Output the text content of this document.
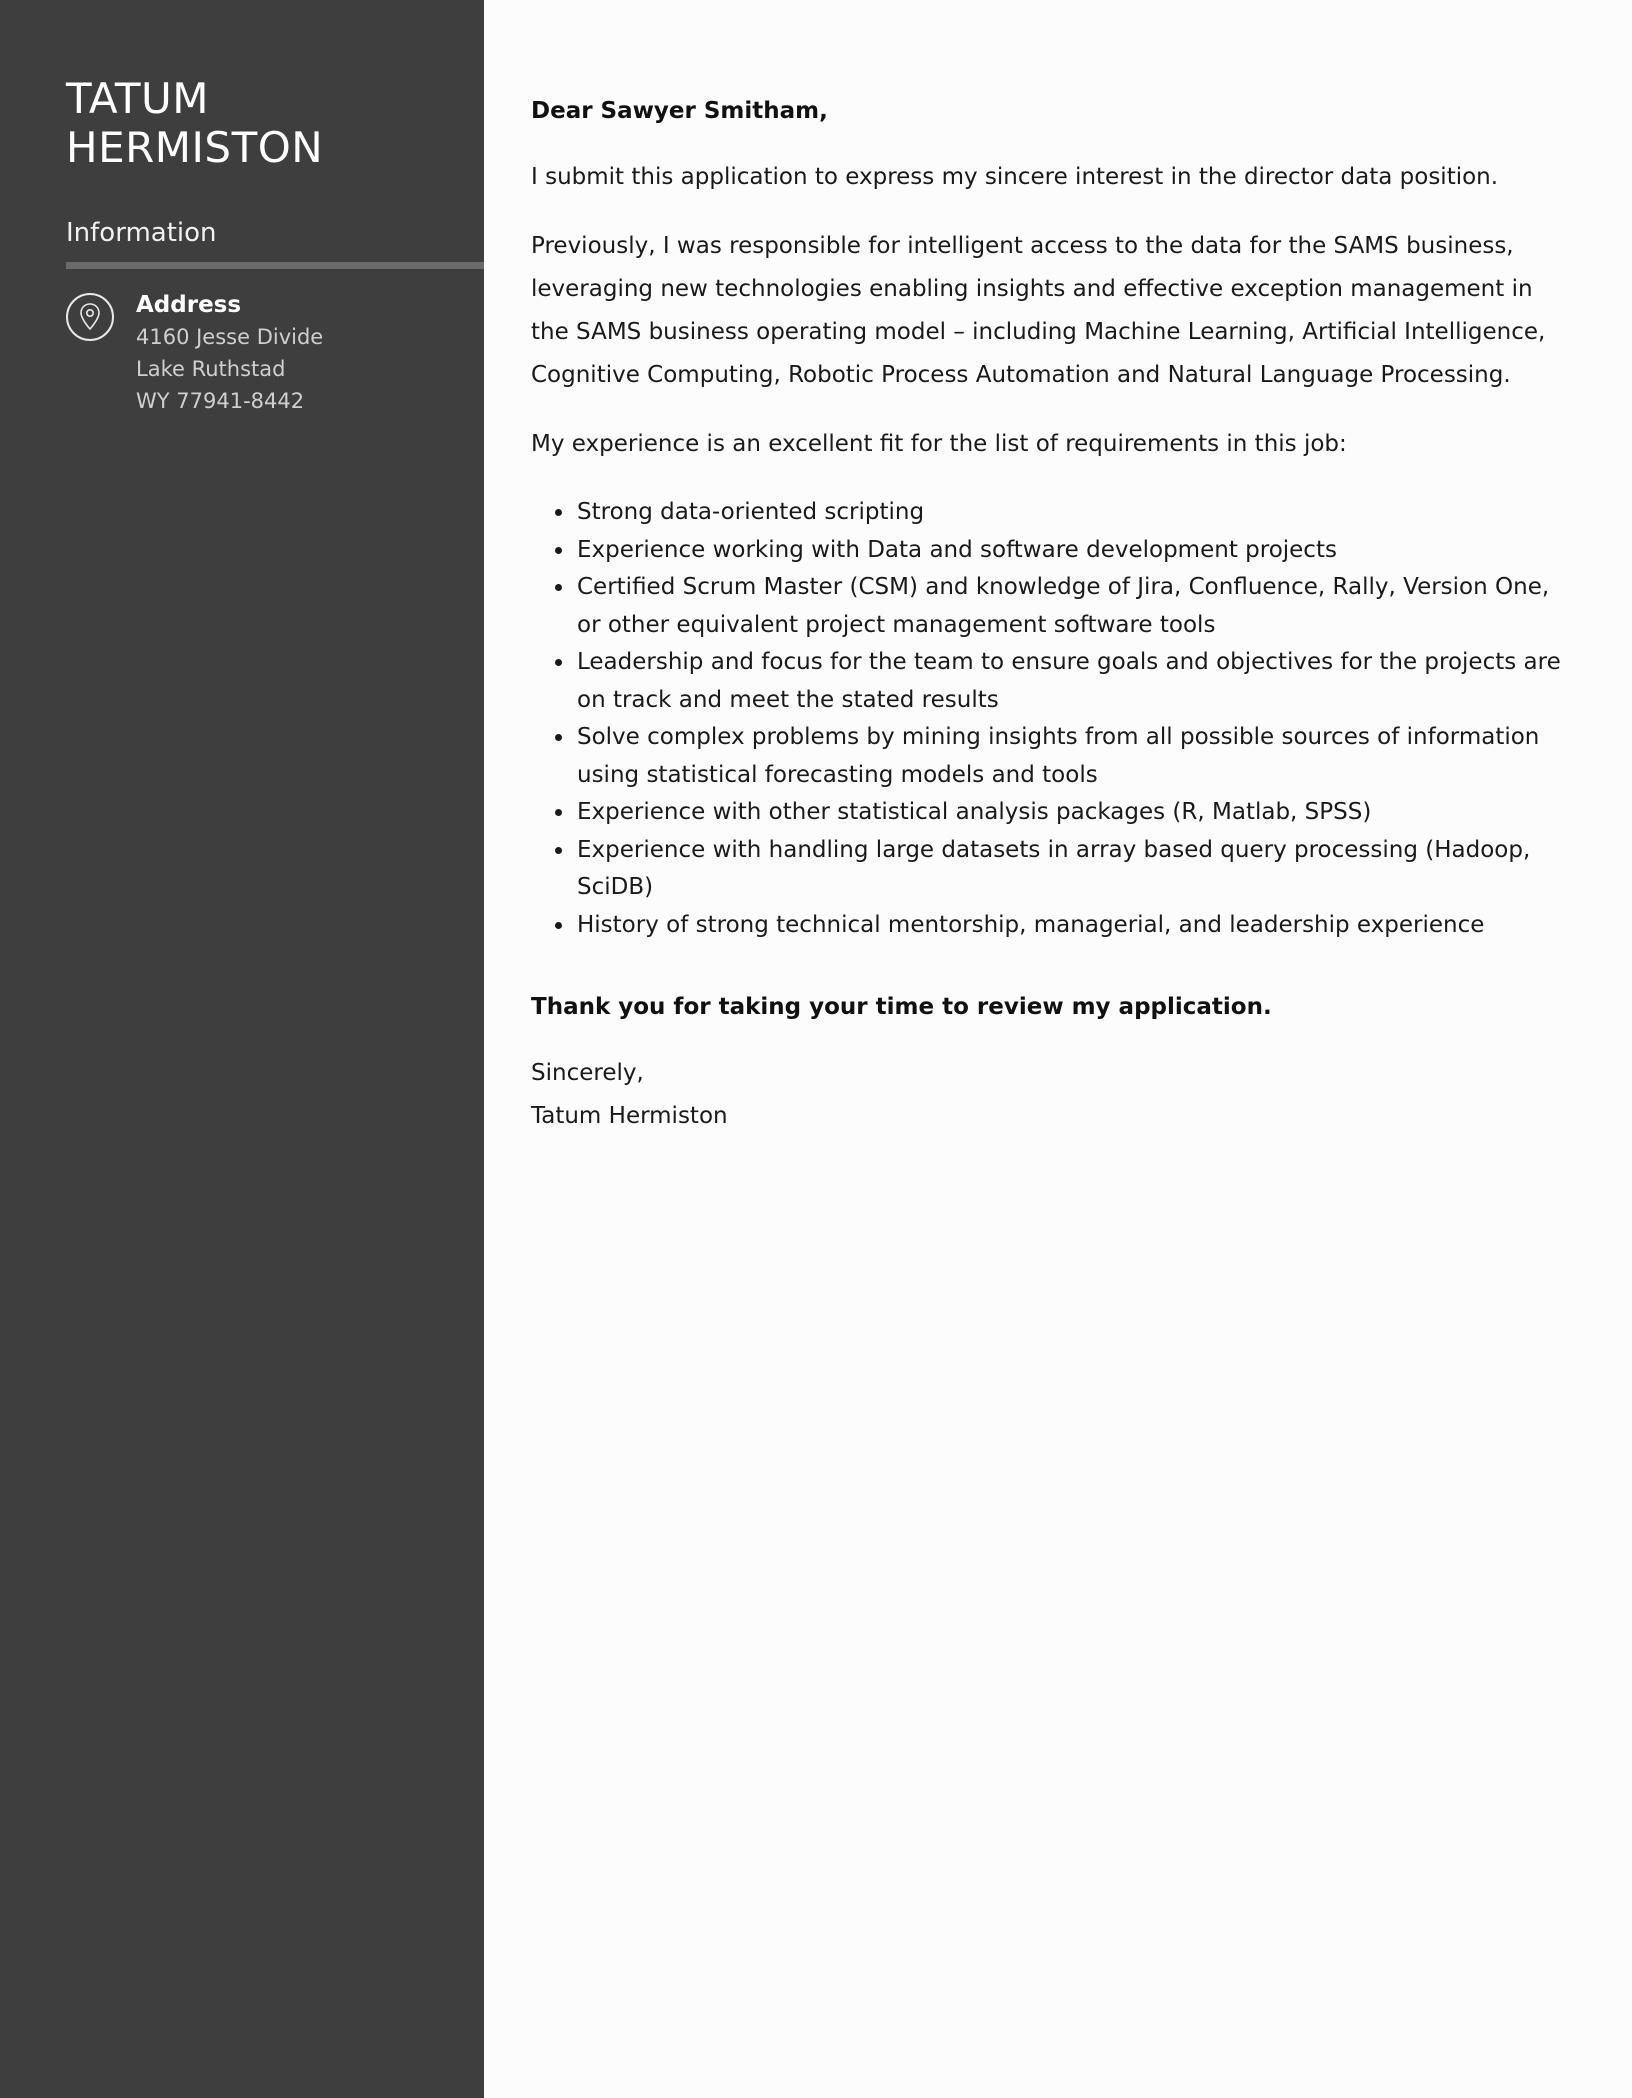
TATUM
HERMISTON
Information
Address
4160 Jesse Divide
Lake Ruthstad
WY 77941-8442

Dear Sawyer Smitham,

I submit this application to express my sincere interest in the director data position.

Previously, I was responsible for intelligent access to the data for the SAMS business, leveraging new technologies enabling insights and effective exception management in the SAMS business operating model – including Machine Learning, Artificial Intelligence, Cognitive Computing, Robotic Process Automation and Natural Language Processing.

My experience is an excellent fit for the list of requirements in this job:

• Strong data-oriented scripting
• Experience working with Data and software development projects
• Certified Scrum Master (CSM) and knowledge of Jira, Confluence, Rally, Version One, or other equivalent project management software tools
• Leadership and focus for the team to ensure goals and objectives for the projects are on track and meet the stated results
• Solve complex problems by mining insights from all possible sources of information using statistical forecasting models and tools
• Experience with other statistical analysis packages (R, Matlab, SPSS)
• Experience with handling large datasets in array based query processing (Hadoop, SciDB)
• History of strong technical mentorship, managerial, and leadership experience

Thank you for taking your time to review my application.

Sincerely,
Tatum Hermiston
